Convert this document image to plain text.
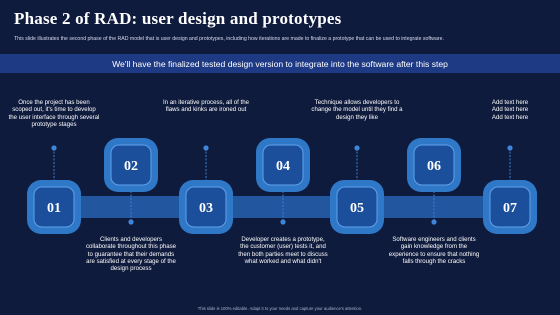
Phase 2 of RAD: user design and prototypes
This slide illustrates the second phase of the RAD model that is user design and prototypes, including how iterations are made to finalize a prototype that can be used to integrate software.
We'll have the finalized tested design version to integrate into the software after this step
01
02
03
04
05
06
07
Once the project has been scoped out, it's time to develop the user interface through several prototype stages
Clients and developers collaborate throughout this phase to guarantee that their demands are satisfied at every stage of the design process
In an iterative process, all of the flaws and kinks are ironed out
Developer creates a prototype, the customer (user) tests it, and then both parties meet to discuss what worked and what didn't
Technique allows developers to change the model until they find a design they like
Software engineers and clients gain knowledge from the experience to ensure that nothing falls through the cracks
Add text here
Add text here
Add text here
This slide is 100% editable. Adapt it to your needs and capture your audience's attention.
